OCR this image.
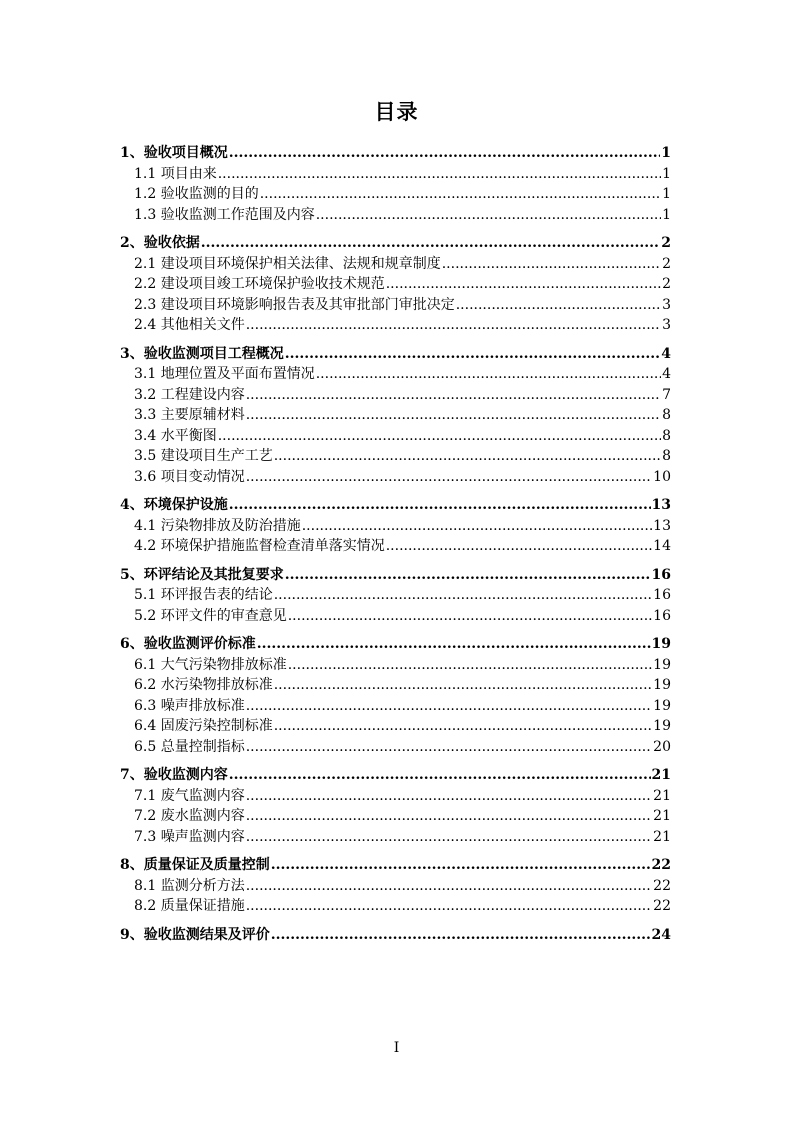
目录
1、验收项目概况 .....	1
1.1 项目由来 .....	1
1.2 验收监测的目的 .....	1
1.3 验收监测工作范围及内容 .....	1
2、验收依据 .....	2
2.1 建设项目环境保护相关法律、法规和规章制度 .....	2
2.2 建设项目竣工环境保护验收技术规范 .....	2
2.3 建设项目环境影响报告表及其审批部门审批决定 .....	3
2.4 其他相关文件 .....	3
3、验收监测项目工程概况 .....	4
3.1 地理位置及平面布置情况 .....	4
3.2 工程建设内容 .....	7
3.3 主要原辅材料 .....	8
3.4 水平衡图 .....	8
3.5 建设项目生产工艺 .....	8
3.6 项目变动情况 .....	10
4、环境保护设施 .....	13
4.1 污染物排放及防治措施 .....	13
4.2 环境保护措施监督检查清单落实情况 .....	14
5、环评结论及其批复要求 .....	16
5.1 环评报告表的结论 .....	16
5.2 环评文件的审查意见 .....	16
6、验收监测评价标准 .....	19
6.1 大气污染物排放标准 .....	19
6.2 水污染物排放标准 .....	19
6.3 噪声排放标准 .....	19
6.4 固废污染控制标准 .....	19
6.5 总量控制指标 .....	20
7、验收监测内容 .....	21
7.1 废气监测内容 .....	21
7.2 废水监测内容 .....	21
7.3 噪声监测内容 .....	21
8、质量保证及质量控制 .....	22
8.1 监测分析方法 .....	22
8.2 质量保证措施 .....	22
9、验收监测结果及评价 .....	24
I
